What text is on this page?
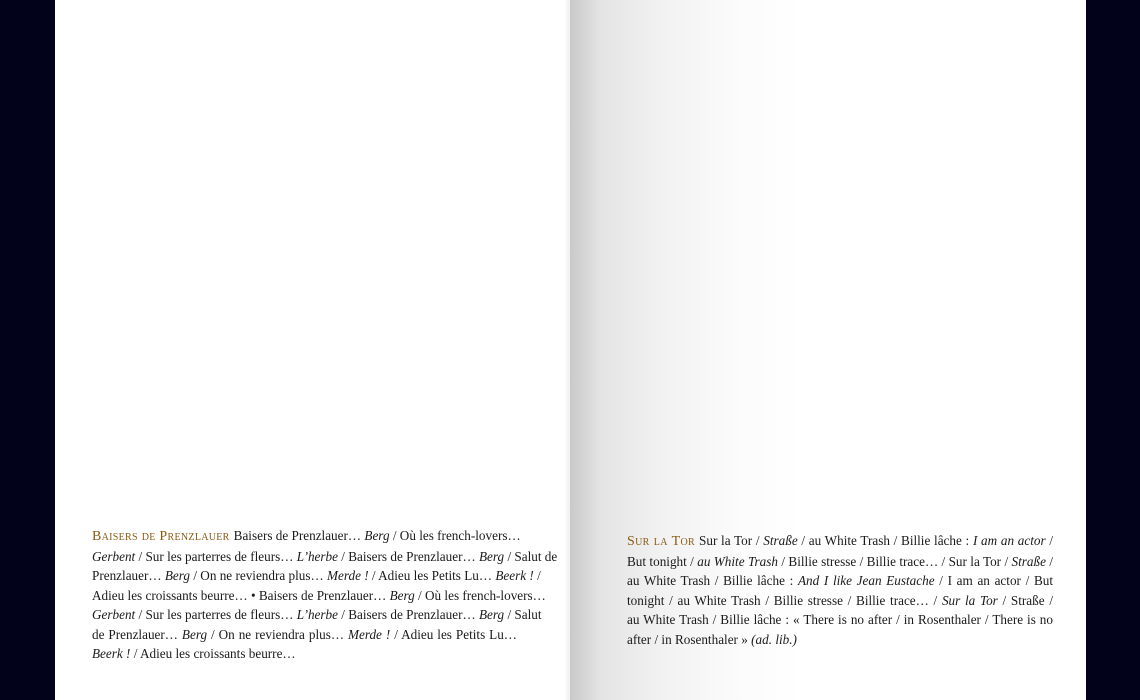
Baisers de Prenzlauer Baisers de Prenzlauer… Berg / Où les french-lovers…
Gerbent / Sur les parterres de fleurs… L’herbe / Baisers de Prenzlauer… Berg / Salut de
Prenzlauer… Berg / On ne reviendra plus… Merde ! / Adieu les Petits Lu… Beerk ! /
Adieu les croissants beurre… • Baisers de Prenzlauer… Berg / Où les french-lovers…
Gerbent / Sur les parterres de fleurs… L’herbe / Baisers de Prenzlauer… Berg / Salut
de Prenzlauer… Berg / On ne reviendra plus… Merde ! / Adieu les Petits Lu…
Beerk ! / Adieu les croissants beurre…
Sur la Tor Sur la Tor / Straße / au White Trash / Billie lâche : I am an actor /
But tonight / au White Trash / Billie stresse / Billie trace… / Sur la Tor / Straße /
au White Trash / Billie lâche : And I like Jean Eustache / I am an actor / But
tonight / au White Trash / Billie stresse / Billie trace… / Sur la Tor / Straße /
au White Trash / Billie lâche : « There is no after / in Rosenthaler / There is no
after / in Rosenthaler » (ad. lib.)
